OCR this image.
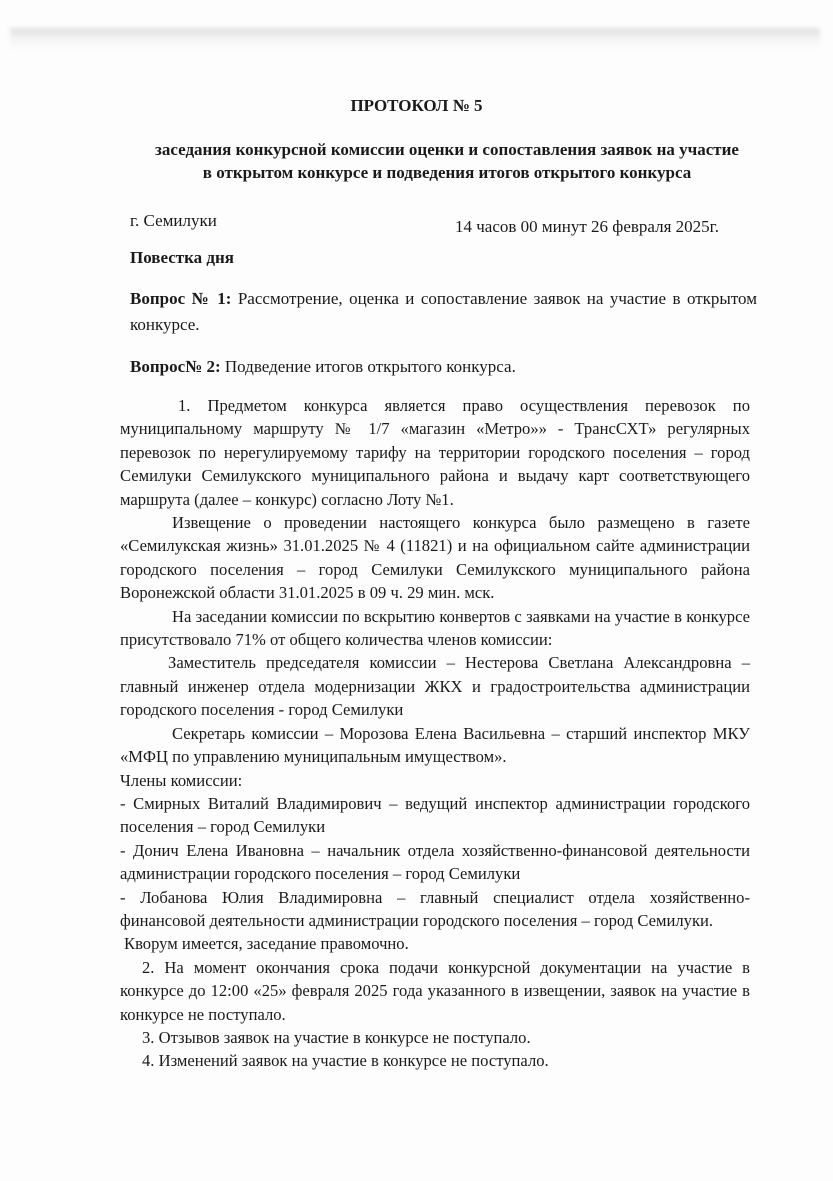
ПРОТОКОЛ № 5
заседания конкурсной комиссии оценки и сопоставления заявок на участие
в открытом конкурсе и подведения итогов открытого конкурса
г. Семилуки	14 часов 00 минут 26 февраля 2025г.
Повестка дня
Вопрос № 1: Рассмотрение, оценка и сопоставление заявок на участие в открытом конкурсе.
Вопрос№ 2: Подведение итогов открытого конкурса.

1. Предметом конкурса является право осуществления перевозок по муниципальному маршруту № 1/7 «магазин «Метро»» - ТрансСХТ» регулярных перевозок по нерегулируемому тарифу на территории городского поселения – город Семилуки Семилукского муниципального района и выдачу карт соответствующего маршрута (далее – конкурс) согласно Лоту №1.

Извещение о проведении настоящего конкурса было размещено в газете «Семилукская жизнь» 31.01.2025 № 4 (11821) и на официальном сайте администрации городского поселения – город Семилуки Семилукского муниципального района Воронежской области 31.01.2025 в 09 ч. 29 мин. мск.

На заседании комиссии по вскрытию конвертов с заявками на участие в конкурсе присутствовало 71% от общего количества членов комиссии:

Заместитель председателя комиссии – Нестерова Светлана Александровна – главный инженер отдела модернизации ЖКХ и градостроительства администрации городского поселения - город Семилуки

Секретарь комиссии – Морозова Елена Васильевна – старший инспектор МКУ «МФЦ по управлению муниципальным имуществом».

Члены комиссии:

- Смирных Виталий Владимирович – ведущий инспектор администрации городского поселения – город Семилуки

- Донич Елена Ивановна – начальник отдела хозяйственно-финансовой деятельности администрации городского поселения – город Семилуки

- Лобанова Юлия Владимировна – главный специалист отдела хозяйственно-финансовой деятельности администрации городского поселения – город Семилуки.

Кворум имеется, заседание правомочно.

2. На момент окончания срока подачи конкурсной документации на участие в конкурсе до 12:00 «25» февраля 2025 года указанного в извещении, заявок на участие в конкурсе не поступало.

3. Отзывов заявок на участие в конкурсе не поступало.

4. Изменений заявок на участие в конкурсе не поступало.
